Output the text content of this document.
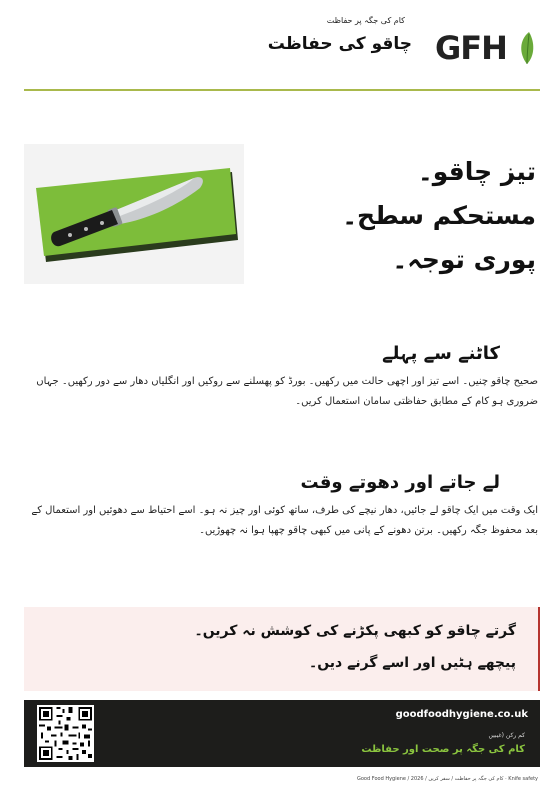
GFH
کام کی جگہ پر حفاظت
چاقو کی حفاظت
تیز چاقو۔
مستحکم سطح۔
پوری توجہ۔
کاٹنے سے پہلے
صحیح چاقو چنیں۔ اسے تیز اور اچھی حالت میں رکھیں۔ بورڈ کو پھسلنے سے روکیں اور انگلیاں دھار سے دور رکھیں۔ جہاں ضروری ہو کام کے مطابق حفاظتی سامان استعمال کریں۔
لے جاتے اور دھوتے وقت
ایک وقت میں ایک چاقو لے جائیں، دھار نیچے کی طرف، ساتھ کوئی اور چیز نہ ہو۔ اسے احتیاط سے دھوئیں اور استعمال کے بعد محفوظ جگہ رکھیں۔ برتن دھونے کے پانی میں کبھی چاقو چھپا ہوا نہ چھوڑیں۔
گرتے چاقو کو کبھی پکڑنے کی کوشش نہ کریں۔
پیچھے ہٹیں اور اسے گرنے دیں۔
goodfoodhygiene.co.uk
کم رکن (غیبیں
کام کی جگہ پر صحت اور حفاظت
Good Food Hygiene / 2026 / کام کی جگہ پر حفاظت / سفر کریں · Knife safety
